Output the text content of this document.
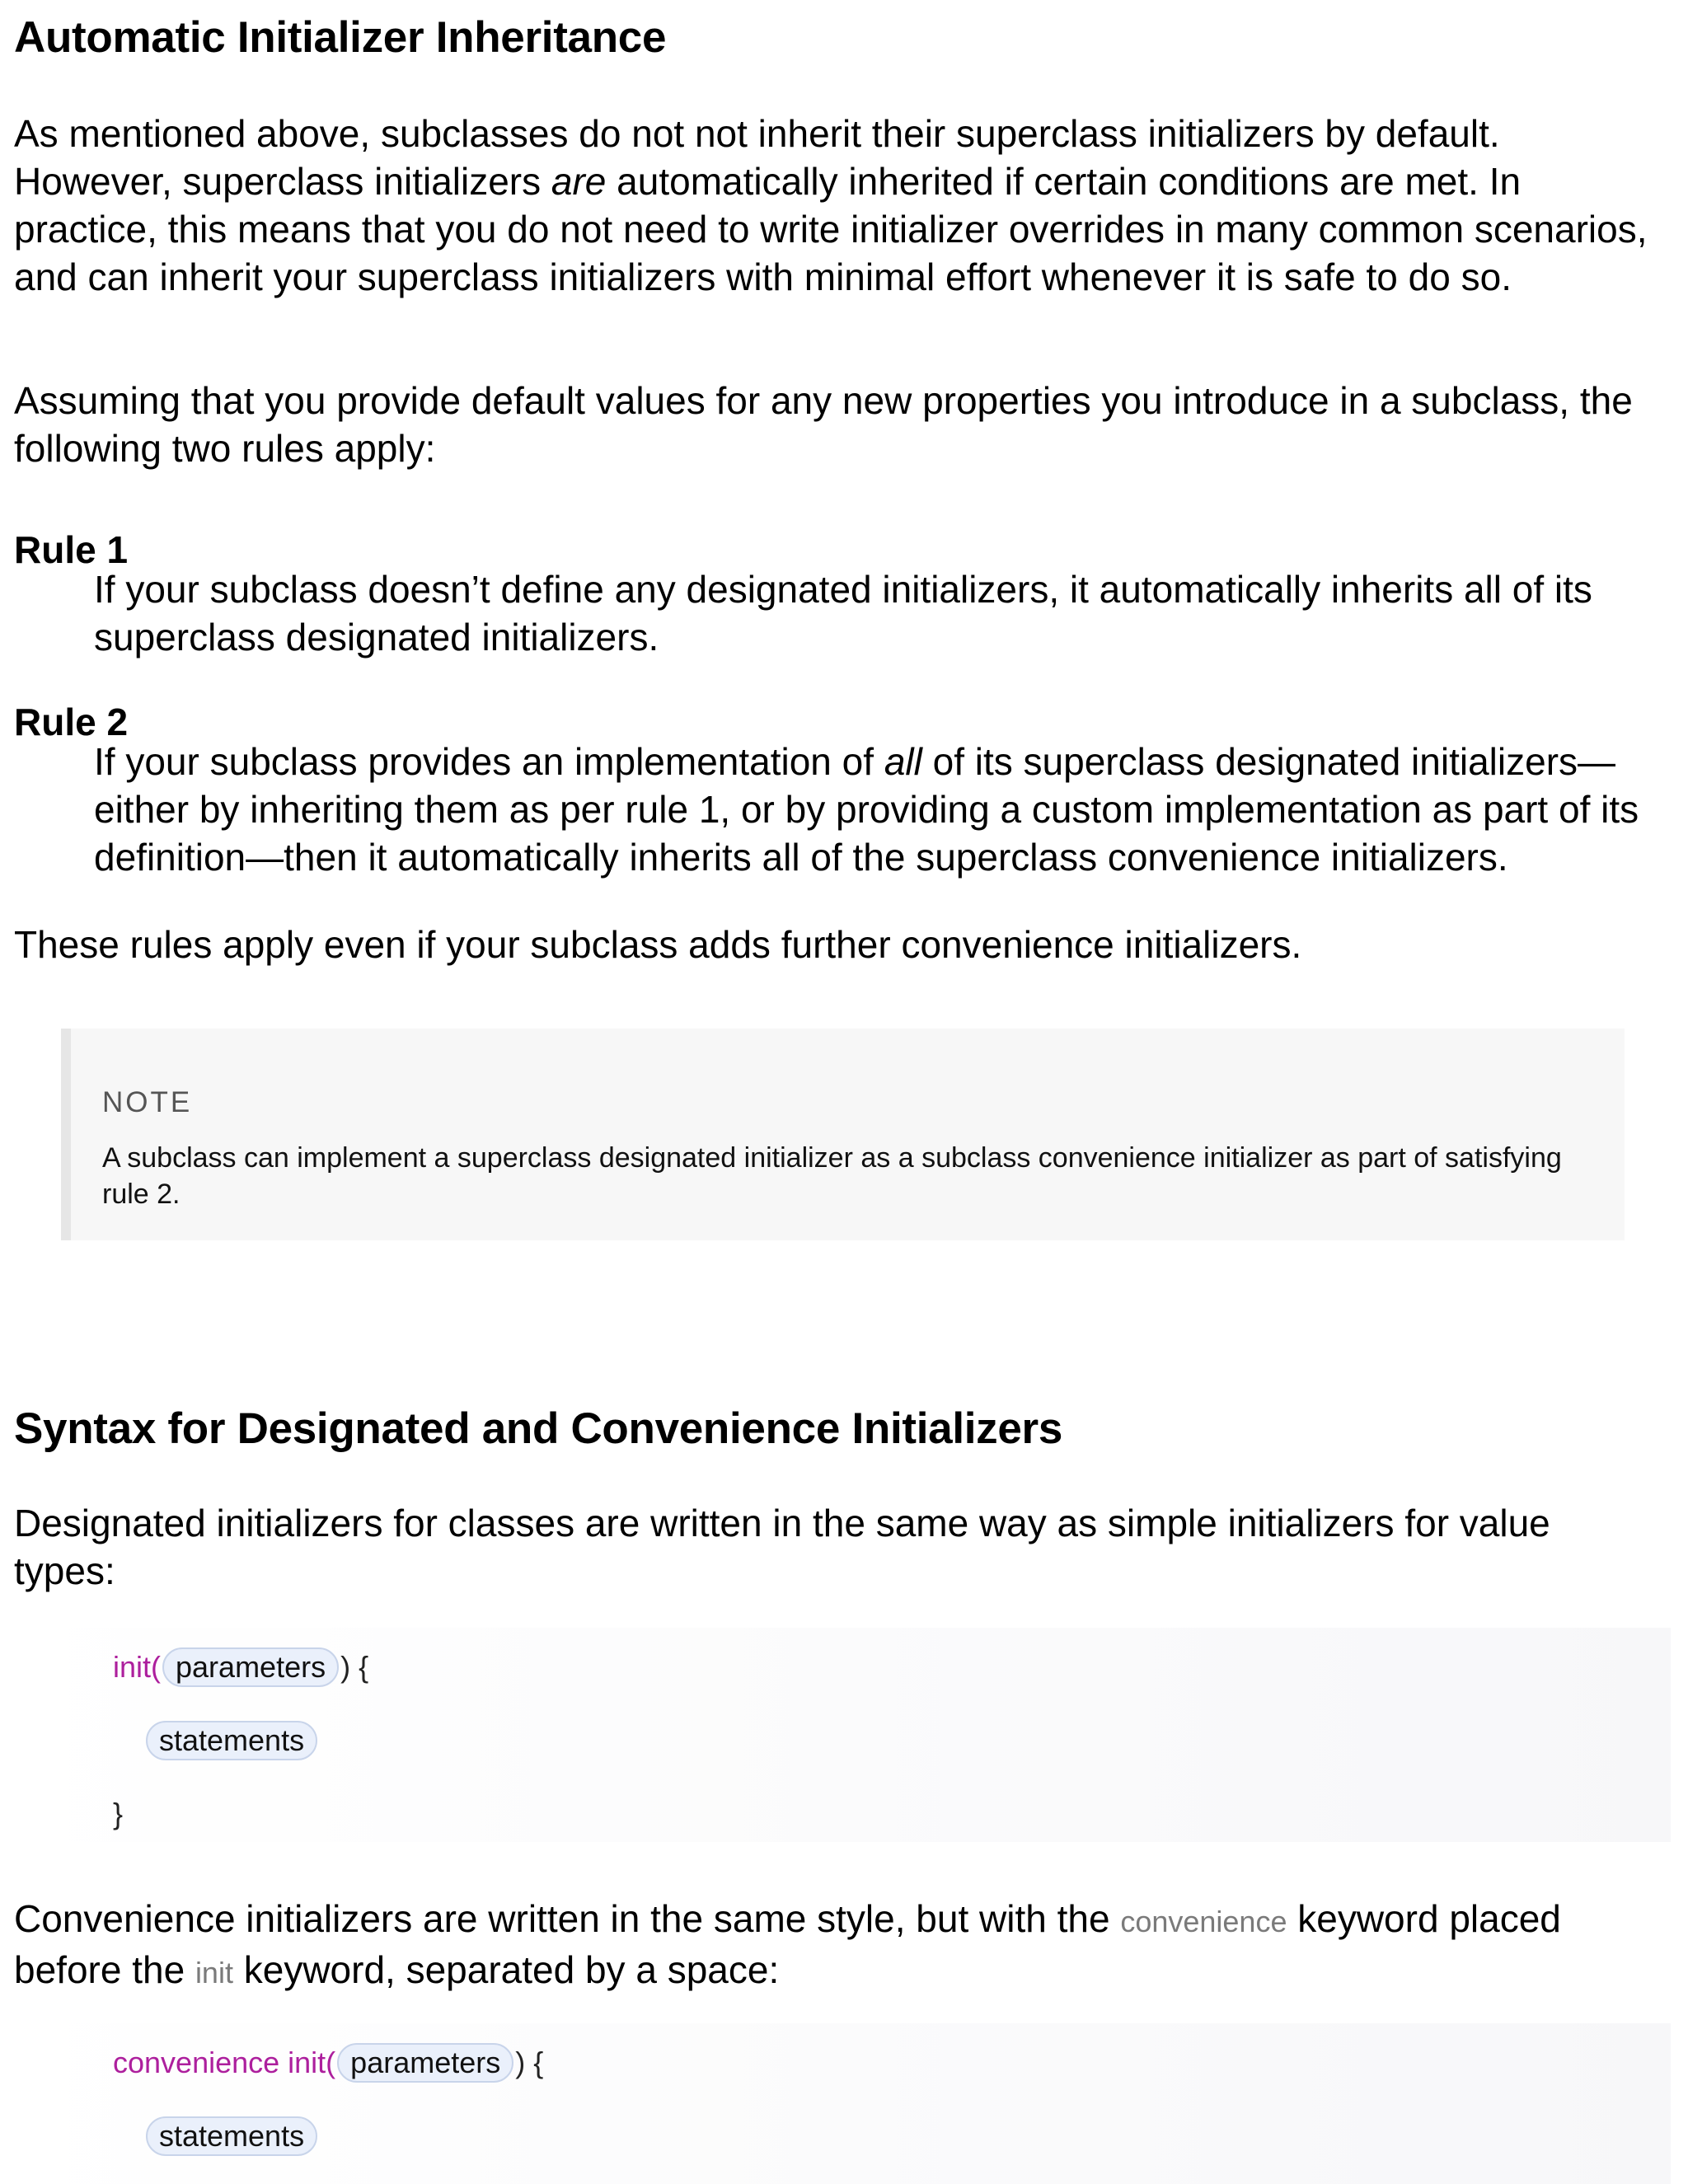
Automatic Initializer Inheritance

As mentioned above, subclasses do not not inherit their superclass initializers by default. However, superclass initializers are automatically inherited if certain conditions are met. In practice, this means that you do not need to write initializer overrides in many common scenarios, and can inherit your superclass initializers with minimal effort whenever it is safe to do so.

Assuming that you provide default values for any new properties you introduce in a subclass, the following two rules apply:

Rule 1

If your subclass doesn’t define any designated initializers, it automatically inherits all of its superclass designated initializers.

Rule 2

If your subclass provides an implementation of all of its superclass designated initializers—either by inheriting them as per rule 1, or by providing a custom implementation as part of its definition—then it automatically inherits all of the superclass convenience initializers.

These rules apply even if your subclass adds further convenience initializers.

NOTE
A subclass can implement a superclass designated initializer as a subclass convenience initializer as part of satisfying rule 2.
Syntax for Designated and Convenience Initializers

Designated initializers for classes are written in the same way as simple initializers for value types:

init( parameters ) {
statements
}

Convenience initializers are written in the same style, but with the convenience keyword placed before the init keyword, separated by a space:

convenience init( parameters ) {
statements
